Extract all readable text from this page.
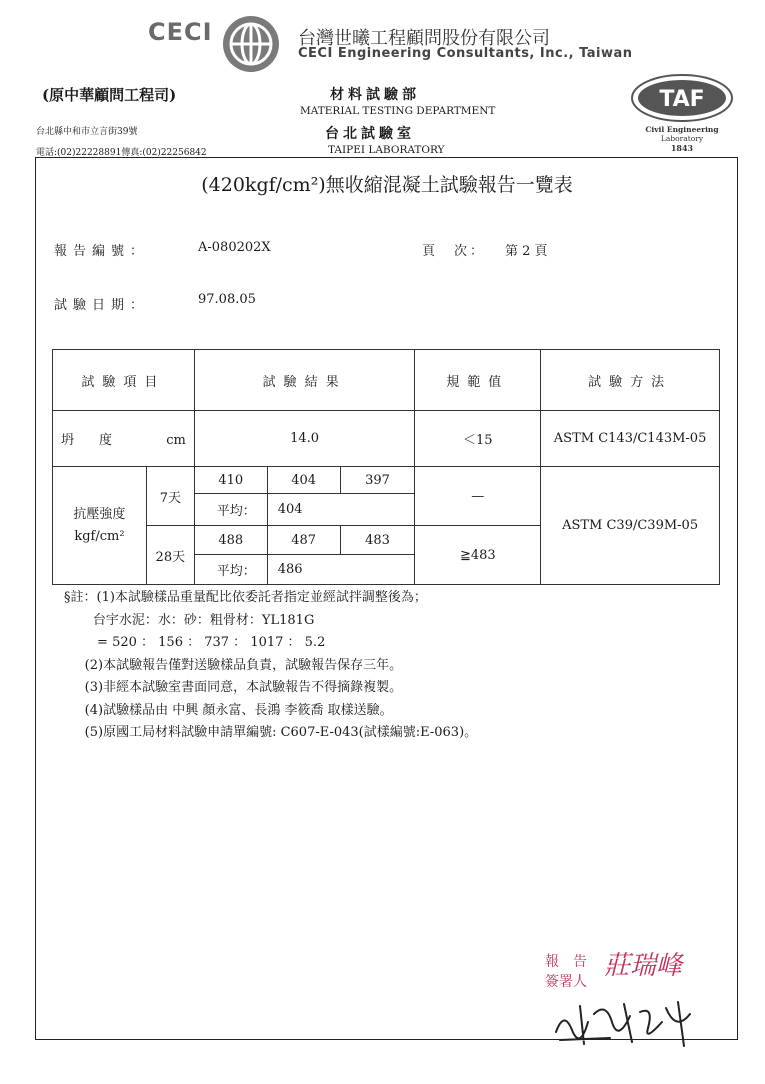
CECI	台灣世曦工程顧問股份有限公司
CECI Engineering Consultants, Inc., Taiwan
(原中華顧問工程司)
台北縣中和市立言街39號
電話:(02)22228891傳真:(02)22256842
材料試驗部
MATERIAL TESTING DEPARTMENT
台北試驗室
TAIPEI LABORATORY
TAF
Civil Engineering
Laboratory
1843
(420kgf/cm²)無收縮混凝土試驗報告一覽表
報告編號：	A-080202X	頁　次： 第 2 頁
試驗日期：	97.08.05
試驗項目		試驗結果			規範值	試驗方法
坍　度 cm		14.0			＜15	ASTM C143/C143M-05

抗壓強度
kgf/cm²	7天	410	404	397	—	ASTM C39/C39M-05
		平均：	404			
	28天	488	487	483	≧483	
		平均：	486			
§註：(1)本試驗樣品重量配比依委託者指定並經試拌調整後為；
台宇水泥：水：砂：粗骨材：YL181G
= 520 ： 156 ： 737 ： 1017 ： 5.2
(2)本試驗報告僅對送驗樣品負責，試驗報告保存三年。
(3)非經本試驗室書面同意，本試驗報告不得摘錄複製。
(4)試驗樣品由 中興 顏永富、長鴻 李筱喬 取樣送驗。
(5)原國工局材料試驗申請單編號: C607-E-043(試樣編號:E-063)。
報　告
簽署人
莊瑞峰
